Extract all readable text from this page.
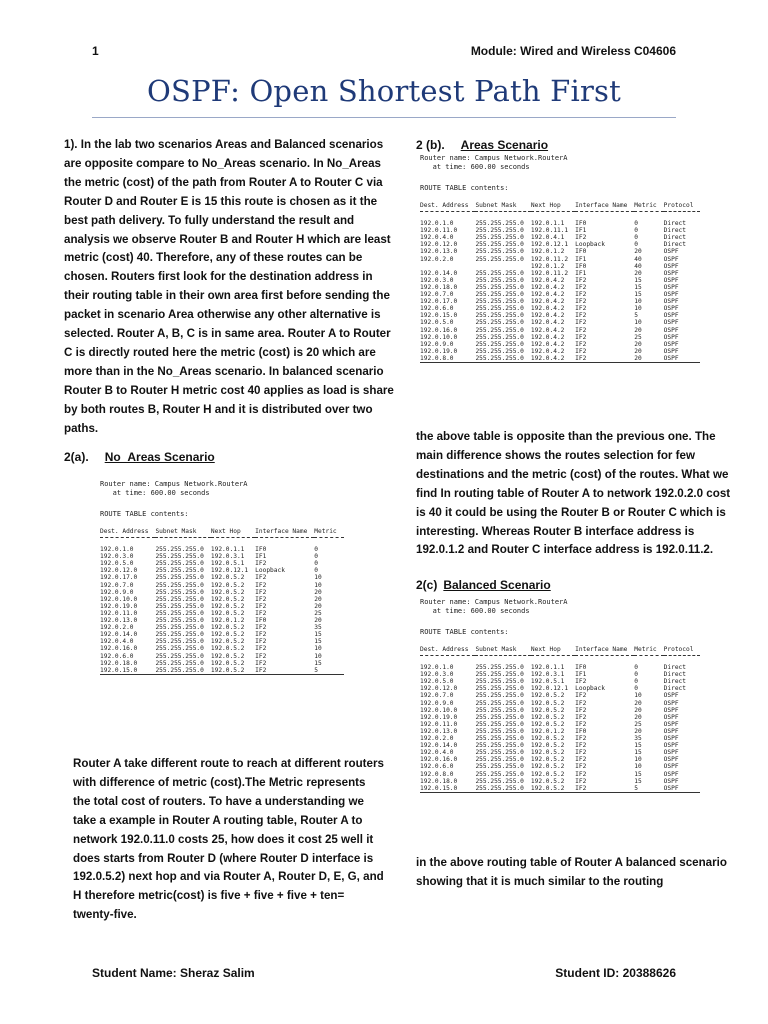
1	Module: Wired and Wireless C04606
OSPF: Open Shortest Path First
1). In the lab two scenarios Areas and Balanced scenarios are opposite compare to No_Areas scenario. In No_Areas the metric (cost) of the path from Router A to Router C via Router D and Router E is 15 this route is chosen as it the best path delivery. To fully understand the result and analysis we observe Router B and Router H which are least metric (cost) 40. Therefore, any of these routes can be chosen. Routers first look for the destination address in their routing table in their own area first before sending the packet in scenario Area otherwise any other alternative is selected. Router A, B, C is in same area. Router A to Router C is directly routed here the metric (cost) is 20 which are more than in the No_Areas scenario. In balanced scenario Router B to Router H metric cost 40 applies as load is share by both routes B, Router H and it is distributed over two paths.
2(a). No_Areas Scenario
Router name: Campus Network.RouterA
at time: 600.00 seconds
ROUTE TABLE contents:
Dest. Address	Subnet Mask	Next Hop	Interface Name	Metric
192.0.1.0	255.255.255.0	192.0.1.1	IF0	0
192.0.3.0	255.255.255.0	192.0.3.1	IF1	0
192.0.5.0	255.255.255.0	192.0.5.1	IF2	0
192.0.12.0	255.255.255.0	192.0.12.1	Loopback	0
192.0.17.0	255.255.255.0	192.0.5.2	IF2	10
192.0.7.0	255.255.255.0	192.0.5.2	IF2	10
192.0.9.0	255.255.255.0	192.0.5.2	IF2	20
192.0.10.0	255.255.255.0	192.0.5.2	IF2	20
192.0.19.0	255.255.255.0	192.0.5.2	IF2	20
192.0.11.0	255.255.255.0	192.0.5.2	IF2	25
192.0.13.0	255.255.255.0	192.0.1.2	IF0	20
192.0.2.0	255.255.255.0	192.0.5.2	IF2	35
192.0.14.0	255.255.255.0	192.0.5.2	IF2	15
192.0.4.0	255.255.255.0	192.0.5.2	IF2	15
192.0.16.0	255.255.255.0	192.0.5.2	IF2	10
192.0.6.0	255.255.255.0	192.0.5.2	IF2	10
192.0.18.0	255.255.255.0	192.0.5.2	IF2	15
192.0.15.0	255.255.255.0	192.0.5.2	IF2	5
Router A take different route to reach at different routers with difference of metric (cost).The Metric represents the total cost of routers. To have a understanding we take a example in Router A routing table, Router A to network 192.0.11.0 costs 25, how does it cost 25 well it does starts from Router D (where Router D interface is 192.0.5.2) next hop and via Router A, Router D, E, G, and H therefore metric(cost) is five + five + five + ten= twenty-five.
2 (b). Areas Scenario
Router name: Campus Network.RouterA
at time: 600.00 seconds
ROUTE TABLE contents:
Dest. Address	Subnet Mask	Next Hop	Interface Name	Metric	Protocol
192.0.1.0	255.255.255.0	192.0.1.1	IF0	0	Direct
192.0.11.0	255.255.255.0	192.0.11.1	IF1	0	Direct
192.0.4.0	255.255.255.0	192.0.4.1	IF2	0	Direct
192.0.12.0	255.255.255.0	192.0.12.1	Loopback	0	Direct
192.0.13.0	255.255.255.0	192.0.1.2	IF0	20	OSPF
192.0.2.0	255.255.255.0	192.0.11.2	IF1	40	OSPF
		192.0.1.2	IF0	40	OSPF
192.0.14.0	255.255.255.0	192.0.11.2	IF1	20	OSPF
192.0.3.0	255.255.255.0	192.0.4.2	IF2	15	OSPF
192.0.18.0	255.255.255.0	192.0.4.2	IF2	15	OSPF
192.0.7.0	255.255.255.0	192.0.4.2	IF2	15	OSPF
192.0.17.0	255.255.255.0	192.0.4.2	IF2	10	OSPF
192.0.6.0	255.255.255.0	192.0.4.2	IF2	10	OSPF
192.0.15.0	255.255.255.0	192.0.4.2	IF2	5	OSPF
192.0.5.0	255.255.255.0	192.0.4.2	IF2	10	OSPF
192.0.16.0	255.255.255.0	192.0.4.2	IF2	20	OSPF
192.0.10.0	255.255.255.0	192.0.4.2	IF2	25	OSPF
192.0.9.0	255.255.255.0	192.0.4.2	IF2	20	OSPF
192.0.19.0	255.255.255.0	192.0.4.2	IF2	20	OSPF
192.0.8.0	255.255.255.0	192.0.4.2	IF2	20	OSPF
the above table is opposite than the previous one. The main difference shows the routes selection for few destinations and the metric (cost) of the routes. What we find In routing table of Router A to network 192.0.2.0 cost is 40 it could be using the Router B or Router C which is interesting. Whereas Router B interface address is 192.0.1.2 and Router C interface address is 192.0.11.2.
2(c) Balanced Scenario
Router name: Campus Network.RouterA
at time: 600.00 seconds
ROUTE TABLE contents:
Dest. Address	Subnet Mask	Next Hop	Interface Name	Metric	Protocol
192.0.1.0	255.255.255.0	192.0.1.1	IF0	0	Direct
192.0.3.0	255.255.255.0	192.0.3.1	IF1	0	Direct
192.0.5.0	255.255.255.0	192.0.5.1	IF2	0	Direct
192.0.12.0	255.255.255.0	192.0.12.1	Loopback	0	Direct
192.0.7.0	255.255.255.0	192.0.5.2	IF2	10	OSPF
192.0.9.0	255.255.255.0	192.0.5.2	IF2	20	OSPF
192.0.10.0	255.255.255.0	192.0.5.2	IF2	20	OSPF
192.0.19.0	255.255.255.0	192.0.5.2	IF2	20	OSPF
192.0.11.0	255.255.255.0	192.0.5.2	IF2	25	OSPF
192.0.13.0	255.255.255.0	192.0.1.2	IF0	20	OSPF
192.0.2.0	255.255.255.0	192.0.5.2	IF2	35	OSPF
192.0.14.0	255.255.255.0	192.0.5.2	IF2	15	OSPF
192.0.4.0	255.255.255.0	192.0.5.2	IF2	15	OSPF
192.0.16.0	255.255.255.0	192.0.5.2	IF2	10	OSPF
192.0.6.0	255.255.255.0	192.0.5.2	IF2	10	OSPF
192.0.8.0	255.255.255.0	192.0.5.2	IF2	15	OSPF
192.0.18.0	255.255.255.0	192.0.5.2	IF2	15	OSPF
192.0.15.0	255.255.255.0	192.0.5.2	IF2	5	OSPF
in the above routing table of Router A balanced scenario showing that it is much similar to the routing
Student Name: Sheraz Salim	Student ID: 20388626
